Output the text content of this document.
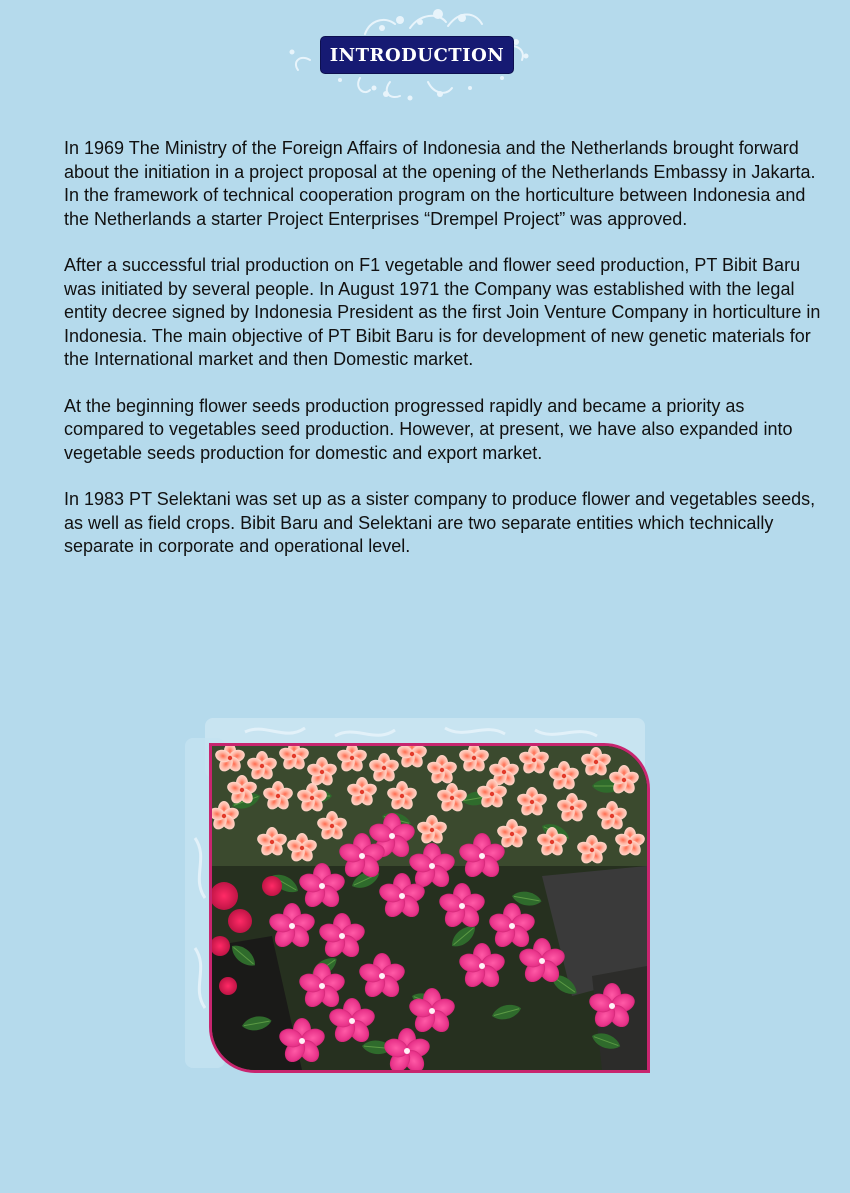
INTRODUCTION

In 1969 The Ministry of the Foreign Affairs of Indonesia and the Netherlands brought forward about the initiation in a project proposal at the opening of the Netherlands Embassy in Jakarta. In the framework of technical cooperation program on the horticulture between Indonesia and the Netherlands a starter Project Enterprises “Drempel Project” was approved.

After a successful trial production on F1 vegetable and flower seed production, PT Bibit Baru was initiated by several people. In August 1971 the Company was established with the legal entity decree signed by Indonesia President as the first Join Venture Company in horticulture in Indonesia. The main objective of PT Bibit Baru is for development of new genetic materials for the International market and then Domestic market.

At the beginning flower seeds production progressed rapidly and became a priority as compared to vegetables seed production. However, at present, we have also expanded into vegetable seeds production for domestic and export market.

In 1983 PT Selektani was set up as a sister company to produce flower and vegetables seeds, as well as field crops. Bibit Baru and Selektani are two separate entities which technically separate in corporate and operational level.
